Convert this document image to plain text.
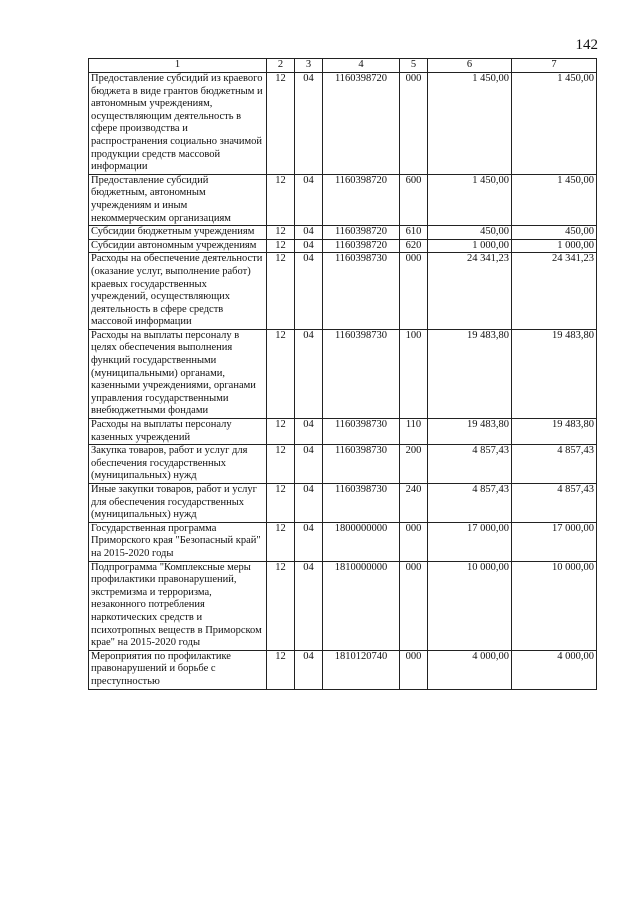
142
1	2	3	4	5	6	7
Предоставление субсидий из краевого бюджета в виде грантов бюджетным и автономным учреждениям, осуществляющим деятельность в сфере производства и распространения социально значимой продукции средств массовой информации	12	04	1160398720	000	1 450,00	1 450,00
Предоставление субсидий бюджетным, автономным учреждениям и иным некоммерческим организациям	12	04	1160398720	600	1 450,00	1 450,00
Субсидии бюджетным учреждениям	12	04	1160398720	610	450,00	450,00
Субсидии автономным учреждениям	12	04	1160398720	620	1 000,00	1 000,00
Расходы на обеспечение деятельности (оказание услуг, выполнение работ) краевых государственных учреждений, осуществляющих деятельность в сфере средств массовой информации	12	04	1160398730	000	24 341,23	24 341,23
Расходы на выплаты персоналу в целях обеспечения выполнения функций государственными (муниципальными) органами, казенными учреждениями, органами управления государственными внебюджетными фондами	12	04	1160398730	100	19 483,80	19 483,80
Расходы на выплаты персоналу казенных учреждений	12	04	1160398730	110	19 483,80	19 483,80
Закупка товаров, работ и услуг для обеспечения государственных (муниципальных) нужд	12	04	1160398730	200	4 857,43	4 857,43
Иные закупки товаров, работ и услуг для обеспечения государственных (муниципальных) нужд	12	04	1160398730	240	4 857,43	4 857,43
Государственная программа Приморского края "Безопасный край" на 2015-2020 годы	12	04	1800000000	000	17 000,00	17 000,00
Подпрограмма "Комплексные меры профилактики правонарушений, экстремизма и терроризма, незаконного потребления наркотических средств и психотропных веществ в Приморском крае" на 2015-2020 годы	12	04	1810000000	000	10 000,00	10 000,00
Мероприятия по профилактике правонарушений и борьбе с преступностью	12	04	1810120740	000	4 000,00	4 000,00
